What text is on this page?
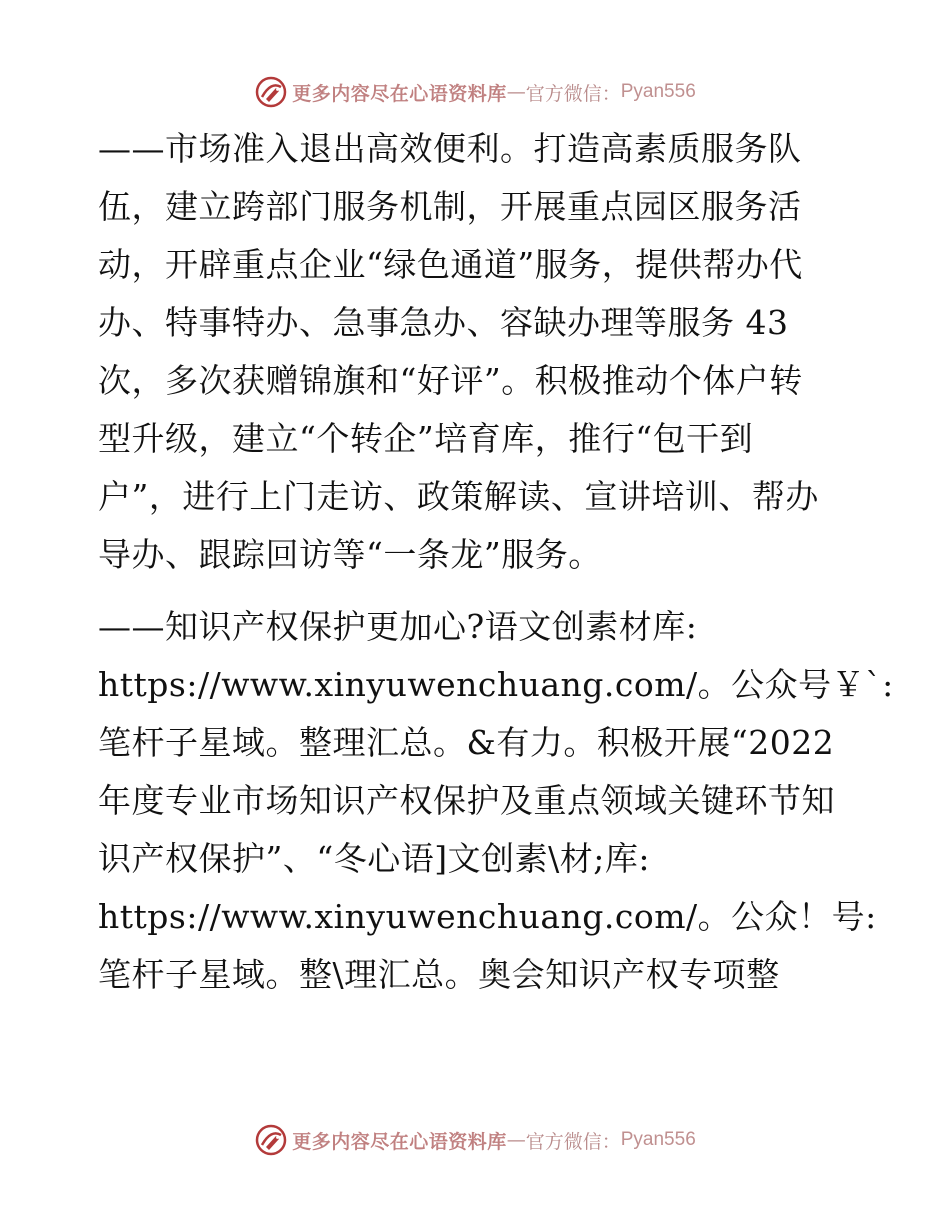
更多内容尽在心语资料库 — 官方微信： Pyan556
——市场准入退出高效便利。打造高素质服务队
伍，建立跨部门服务机制，开展重点园区服务活
动，开辟重点企业“绿色通道”服务，提供帮办代
办、特事特办、急事急办、容缺办理等服务 43
次，多次获赠锦旗和“好评”。积极推动个体户转
型升级，建立“个转企”培育库，推行“包干到
户”，进行上门走访、政策解读、宣讲培训、帮办
导办、跟踪回访等“一条龙”服务。
——知识产权保护更加心?语文创素材库:
https://www.xinyuwenchuang.com/。公众号￥`:
笔杆子星域。整理汇总。&有力。积极开展“2022
年度专业市场知识产权保护及重点领域关键环节知
识产权保护”、“冬心语]文创素\材;库:
https://www.xinyuwenchuang.com/。公众！号:
笔杆子星域。整\理汇总。奥会知识产权专项整
更多内容尽在心语资料库 — 官方微信： Pyan556
